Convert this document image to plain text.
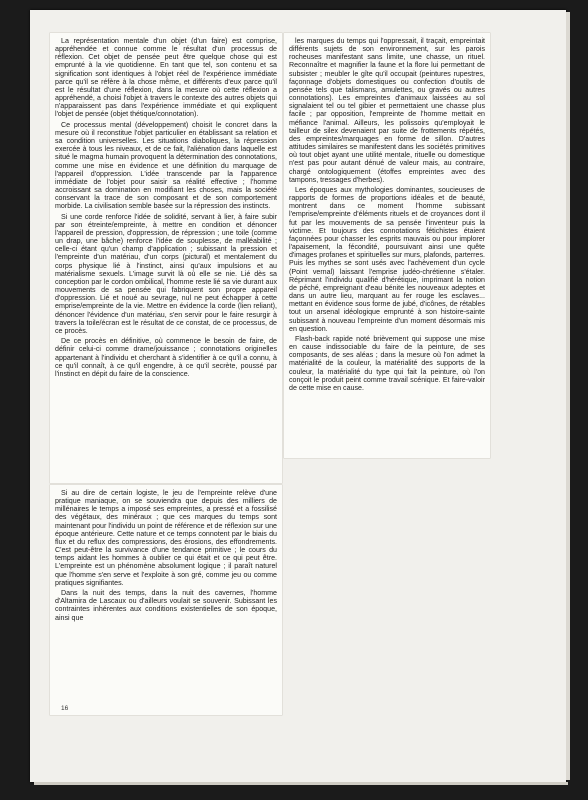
La représentation mentale d'un objet (d'un faire) est comprise, appréhendée et connue comme le résultat d'un processus de réflexion. Cet objet de pensée peut être quelque chose qui est emprunté à la vie quotidienne. En tant que tel, son contenu et sa signification sont identiques à l'objet réel de l'expérience immédiate parce qu'il se réfère à la chose même, et différents d'eux parce qu'il est le résultat d'une réflexion, dans la mesure où cette réflexion a appréhendé, a choisi l'objet à travers le contexte des autres objets qui n'apparaissent pas dans l'expérience immédiate et qui expliquent l'objet de pensée (objet thétique/connotation).

Ce processus mental (développement) choisit le concret dans la mesure où il reconstitue l'objet particulier en établissant sa relation et sa condition universelles. Les situations diaboliques, la répression exercée à tous les niveaux, et de ce fait, l'aliénation dans laquelle est situé le magma humain provoquent la détermination des connotations, comme une mise en évidence et une définition du marquage de l'appareil d'oppression. L'idée transcende par la l'apparence immédiate de l'objet pour saisir sa réalité effective ; l'homme accroissant sa domination en modifiant les choses, mais la société conservant la trace de son composant et de son comportement morbide. La civilisation semble basée sur la répression des instincts.

Si une corde renforce l'idée de solidité, servant à lier, à faire subir par son étreinte/empreinte, à mettre en condition et dénoncer l'appareil de pression, d'oppression, de répression ; une toile (comme un drap, une bâche) renforce l'idée de souplesse, de malléabilité ; celle-ci étant qu'un champ d'application ; subissant la pression et l'empreinte d'un matériau, d'un corps (pictural) et mentalement du corps physique lié à l'instinct, ainsi qu'aux impulsions et au matérialisme sexuels. L'image survit là où elle se nie. Lié dès sa conception par le cordon ombilical, l'homme reste lié sa vie durant aux mouvements de sa pensée qui fabriquent son propre appareil d'oppression. Lié et noué au sevrage, nul ne peut échapper à cette emprise/empreinte de la vie. Mettre en évidence la corde (lien reliant), dénoncer l'évidence d'un matériau, s'en servir pour le faire resurgir à travers la toile/écran est le résultat de ce constat, de ce processus, de ce procès.

De ce procès en définitive, où commence le besoin de faire, de définir celui-ci comme drame/jouissance ; connotations originelles appartenant à l'individu et cherchant à s'identifier à ce qu'il a connu, à ce qu'il connaît, à ce qu'il engendre, à ce qu'il secrète, poussé par l'instinct en dépit du faire de la conscience.

les marques du temps qui l'oppressait, il traçait, empreintait différents sujets de son environnement, sur les parois rocheuses manifestant sans limite, une chasse, un rituel. Reconnaître et magnifier la faune et la flore lui permettant de subsister ; meubler le gîte qu'il occupait (peintures rupestres, façonnage d'objets domestiques ou confection d'outils de pensée tels que talismans, amulettes, ou gravés ou autres connotations). Les empreintes d'animaux laissées au sol signalaient tel ou tel gibier et permettaient une chasse plus facile ; par opposition, l'empreinte de l'homme mettait en méfiance l'animal. Ailleurs, les polissoirs qu'employait le tailleur de silex devenaient par suite de frottements répétés, des empreintes/marquages en forme de sillon. D'autres attitudes similaires se manifestent dans les sociétés primitives où tout objet ayant une utilité mentale, rituelle ou domestique n'est pas pour autant dénué de valeur mais, au contraire, chargé ontologiquement (étoffes empreintes avec des tampons, tressages d'herbes).

Les époques aux mythologies dominantes, soucieuses de rapports de formes de proportions idéales et de beauté, montrent dans ce moment l'homme subissant l'emprise/empreinte d'éléments rituels et de croyances dont il fut par les mouvements de sa pensée l'inventeur puis la victime. Et toujours des connotations fétichistes étaient façonnées pour chasser les esprits mauvais ou pour implorer l'apaisement, la fécondité, poursuivant ainsi une quête d'images profanes et spirituelles sur murs, plafonds, parterres. Puis les mythes se sont usés avec l'achèvement d'un cycle (Point vernal) laissant l'emprise judéo-chrétienne s'étaler. Réprimant l'individu qualifié d'hérétique, imprimant la notion de péché, empreignant d'eau bénite les nouveaux adeptes et dans un autre lieu, marquant au fer rouge les esclaves... mettant en évidence sous forme de jubé, d'icônes, de rétables tout un arsenal idéologique emprunté à son histoire-sainte subissant à nouveau l'empreinte d'un moment désormais mis en question.

Flash-back rapide noté brièvement qui suppose une mise en cause indissociable du faire de la peinture, de ses composants, de ses aléas ; dans la mesure où l'on admet la matérialité de la couleur, la matérialité des supports de la couleur, la matérialité du type qui fait la peinture, où l'on conçoit le produit peint comme travail scénique. Et faire-valoir de cette mise en cause.

Si au dire de certain logiste, le jeu de l'empreinte relève d'une pratique maniaque, on se souviendra que depuis des milliers de millénaires le temps a imposé ses empreintes, a pressé et a fossilisé des végétaux, des minéraux ; que ces marques du temps sont maintenant pour l'individu un point de référence et de réflexion sur une époque antérieure. Cette nature et ce temps connotent par le biais du flux et du reflux des compressions, des érosions, des effondrements. C'est peut-être la survivance d'une tendance primitive ; le cours du temps aidant les hommes à oublier ce qui était et ce qui peut être. L'empreinte est un phénomène absolument logique ; il paraît naturel que l'homme s'en serve et l'exploite à son gré, comme jeu ou comme pratiques signifiantes.

Dans la nuit des temps, dans la nuit des cavernes, l'homme d'Altamira de Lascaux ou d'ailleurs voulait se souvenir. Subissant les contraintes inhérentes aux conditions existentielles de son époque, ainsi que

16
